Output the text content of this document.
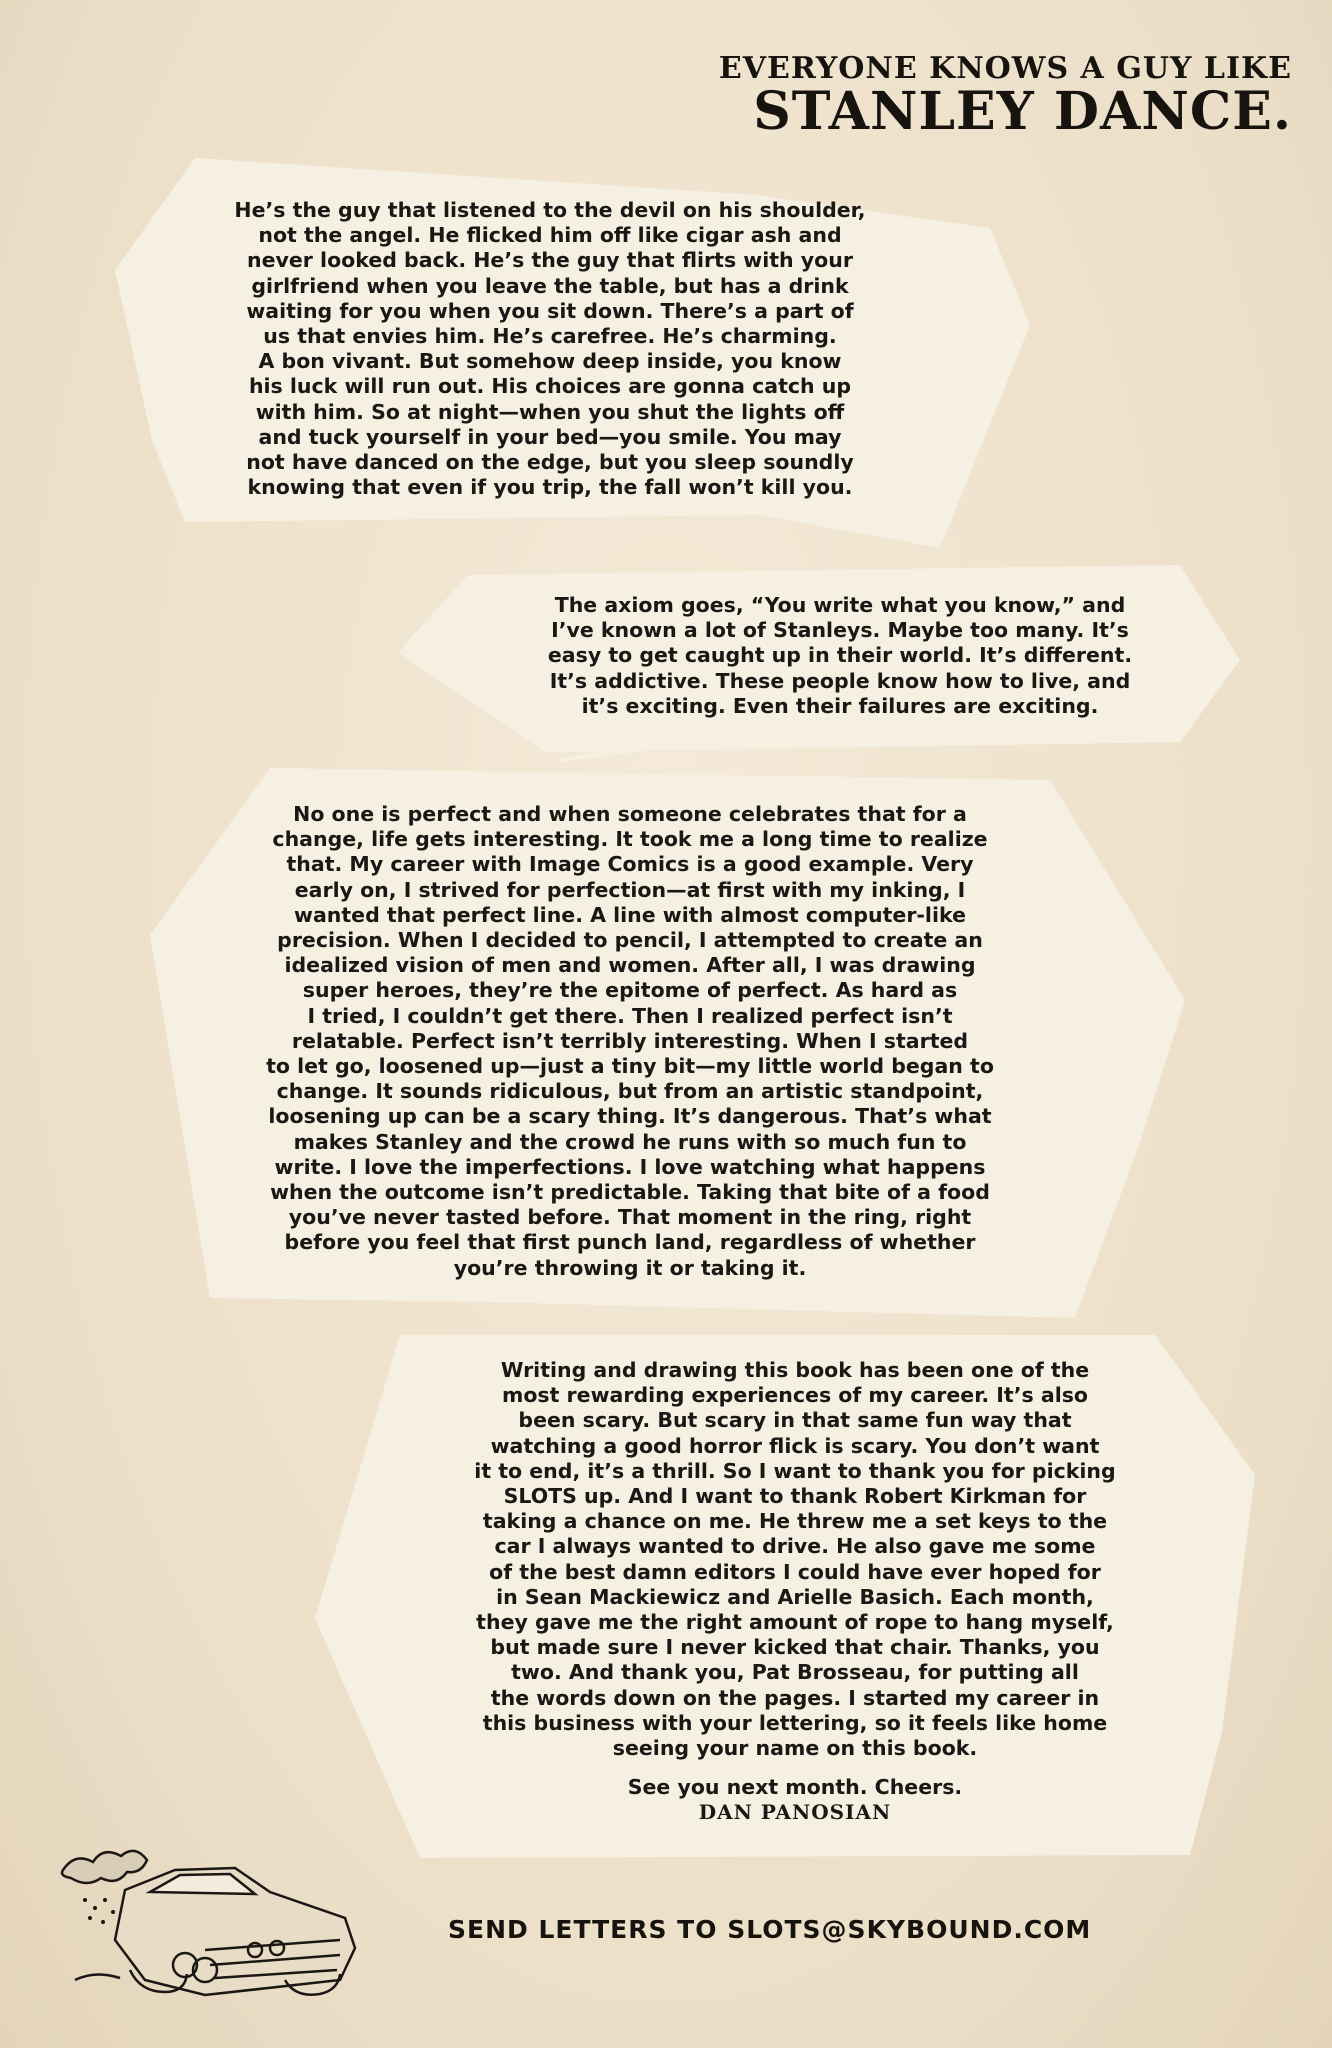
EVERYONE KNOWS A GUY LIKE
STANLEY DANCE.
He’s the guy that listened to the devil on his shoulder,
not the angel. He flicked him off like cigar ash and
never looked back. He’s the guy that flirts with your
girlfriend when you leave the table, but has a drink
waiting for you when you sit down. There’s a part of
us that envies him. He’s carefree. He’s charming.
A bon vivant. But somehow deep inside, you know
his luck will run out. His choices are gonna catch up
with him. So at night—when you shut the lights off
and tuck yourself in your bed—you smile. You may
not have danced on the edge, but you sleep soundly
knowing that even if you trip, the fall won’t kill you.
The axiom goes, “You write what you know,” and
I’ve known a lot of Stanleys. Maybe too many. It’s
easy to get caught up in their world. It’s different.
It’s addictive. These people know how to live, and
it’s exciting. Even their failures are exciting.
No one is perfect and when someone celebrates that for a
change, life gets interesting. It took me a long time to realize
that. My career with Image Comics is a good example. Very
early on, I strived for perfection—at first with my inking, I
wanted that perfect line. A line with almost computer-like
precision. When I decided to pencil, I attempted to create an
idealized vision of men and women. After all, I was drawing
super heroes, they’re the epitome of perfect. As hard as
I tried, I couldn’t get there. Then I realized perfect isn’t
relatable. Perfect isn’t terribly interesting. When I started
to let go, loosened up—just a tiny bit—my little world began to
change. It sounds ridiculous, but from an artistic standpoint,
loosening up can be a scary thing. It’s dangerous. That’s what
makes Stanley and the crowd he runs with so much fun to
write. I love the imperfections. I love watching what happens
when the outcome isn’t predictable. Taking that bite of a food
you’ve never tasted before. That moment in the ring, right
before you feel that first punch land, regardless of whether
you’re throwing it or taking it.
Writing and drawing this book has been one of the
most rewarding experiences of my career. It’s also
been scary. But scary in that same fun way that
watching a good horror flick is scary. You don’t want
it to end, it’s a thrill. So I want to thank you for picking
SLOTS up. And I want to thank Robert Kirkman for
taking a chance on me. He threw me a set keys to the
car I always wanted to drive. He also gave me some
of the best damn editors I could have ever hoped for
in Sean Mackiewicz and Arielle Basich. Each month,
they gave me the right amount of rope to hang myself,
but made sure I never kicked that chair. Thanks, you
two. And thank you, Pat Brosseau, for putting all
the words down on the pages. I started my career in
this business with your lettering, so it feels like home
seeing your name on this book.
See you next month. Cheers.
DAN PANOSIAN
SEND LETTERS TO SLOTS@SKYBOUND.COM
